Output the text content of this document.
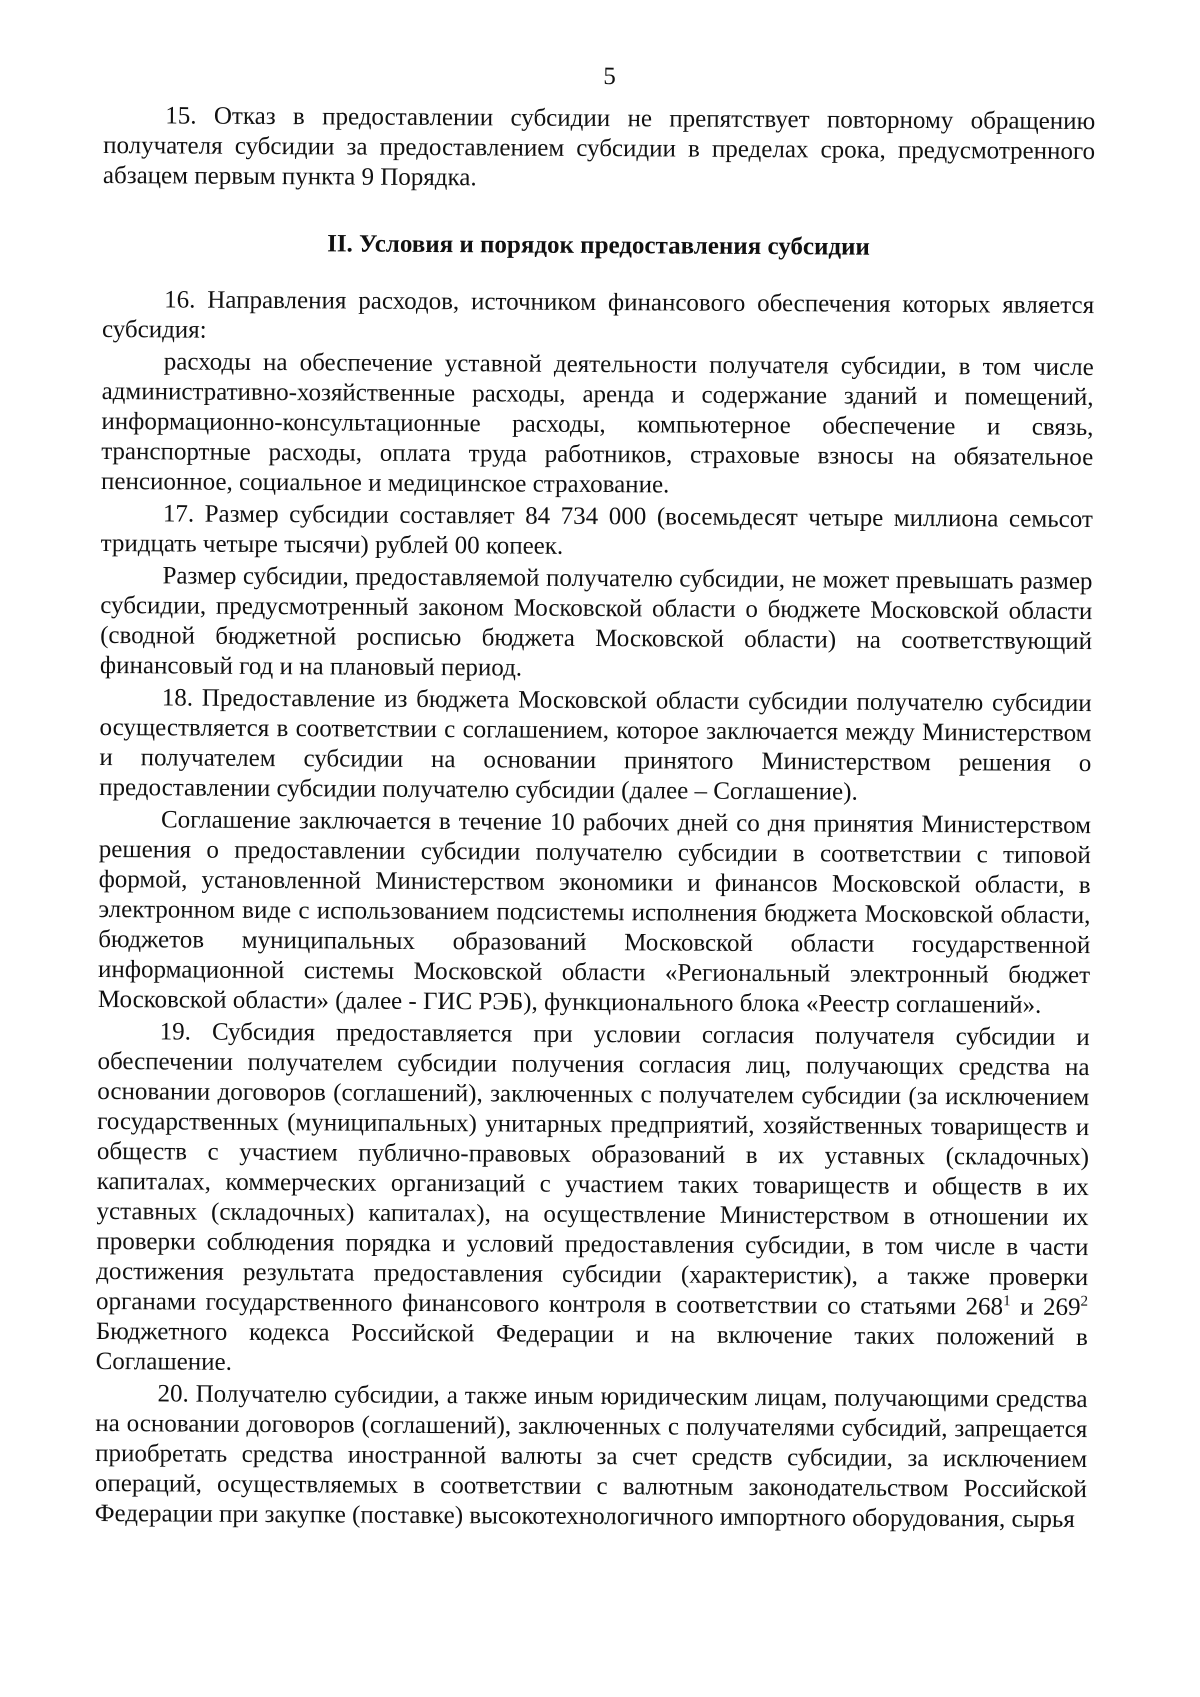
5

15. Отказ в предоставлении субсидии не препятствует повторному обращению получателя субсидии за предоставлением субсидии в пределах срока, предусмотренного абзацем первым пункта 9 Порядка.

II. Условия и порядок предоставления субсидии

16. Направления расходов, источником финансового обеспечения которых является субсидия:

расходы на обеспечение уставной деятельности получателя субсидии, в том числе административно-хозяйственные расходы, аренда и содержание зданий и помещений, информационно-консультационные расходы, компьютерное обеспечение и связь, транспортные расходы, оплата труда работников, страховые взносы на обязательное пенсионное, социальное и медицинское страхование.

17. Размер субсидии составляет 84 734 000 (восемьдесят четыре миллиона семьсот тридцать четыре тысячи) рублей 00 копеек.

Размер субсидии, предоставляемой получателю субсидии, не может превышать размер субсидии, предусмотренный законом Московской области о бюджете Московской области (сводной бюджетной росписью бюджета Московской области) на соответствующий финансовый год и на плановый период.

18. Предоставление из бюджета Московской области субсидии получателю субсидии осуществляется в соответствии с соглашением, которое заключается между Министерством и получателем субсидии на основании принятого Министерством решения о предоставлении субсидии получателю субсидии (далее – Соглашение).

Соглашение заключается в течение 10 рабочих дней со дня принятия Министерством решения о предоставлении субсидии получателю субсидии в соответствии с типовой формой, установленной Министерством экономики и финансов Московской области, в электронном виде с использованием подсистемы исполнения бюджета Московской области, бюджетов муниципальных образований Московской области государственной информационной системы Московской области «Региональный электронный бюджет Московской области» (далее - ГИС РЭБ), функционального блока «Реестр соглашений».

19. Субсидия предоставляется при условии согласия получателя субсидии и обеспечении получателем субсидии получения согласия лиц, получающих средства на основании договоров (соглашений), заключенных с получателем субсидии (за исключением государственных (муниципальных) унитарных предприятий, хозяйственных товариществ и обществ с участием публично-правовых образований в их уставных (складочных) капиталах, коммерческих организаций с участием таких товариществ и обществ в их уставных (складочных) капиталах), на осуществление Министерством в отношении их проверки соблюдения порядка и условий предоставления субсидии, в том числе в части достижения результата предоставления субсидии (характеристик), а также проверки органами государственного финансового контроля в соответствии со статьями $268^1$ и $269^2$ Бюджетного кодекса Российской Федерации и на включение таких положений в Соглашение.

20. Получателю субсидии, а также иным юридическим лицам, получающими средства на основании договоров (соглашений), заключенных с получателями субсидий, запрещается приобретать средства иностранной валюты за счет средств субсидии, за исключением операций, осуществляемых в соответствии с валютным законодательством Российской Федерации при закупке (поставке) высокотехнологичного импортного оборудования, сырья
